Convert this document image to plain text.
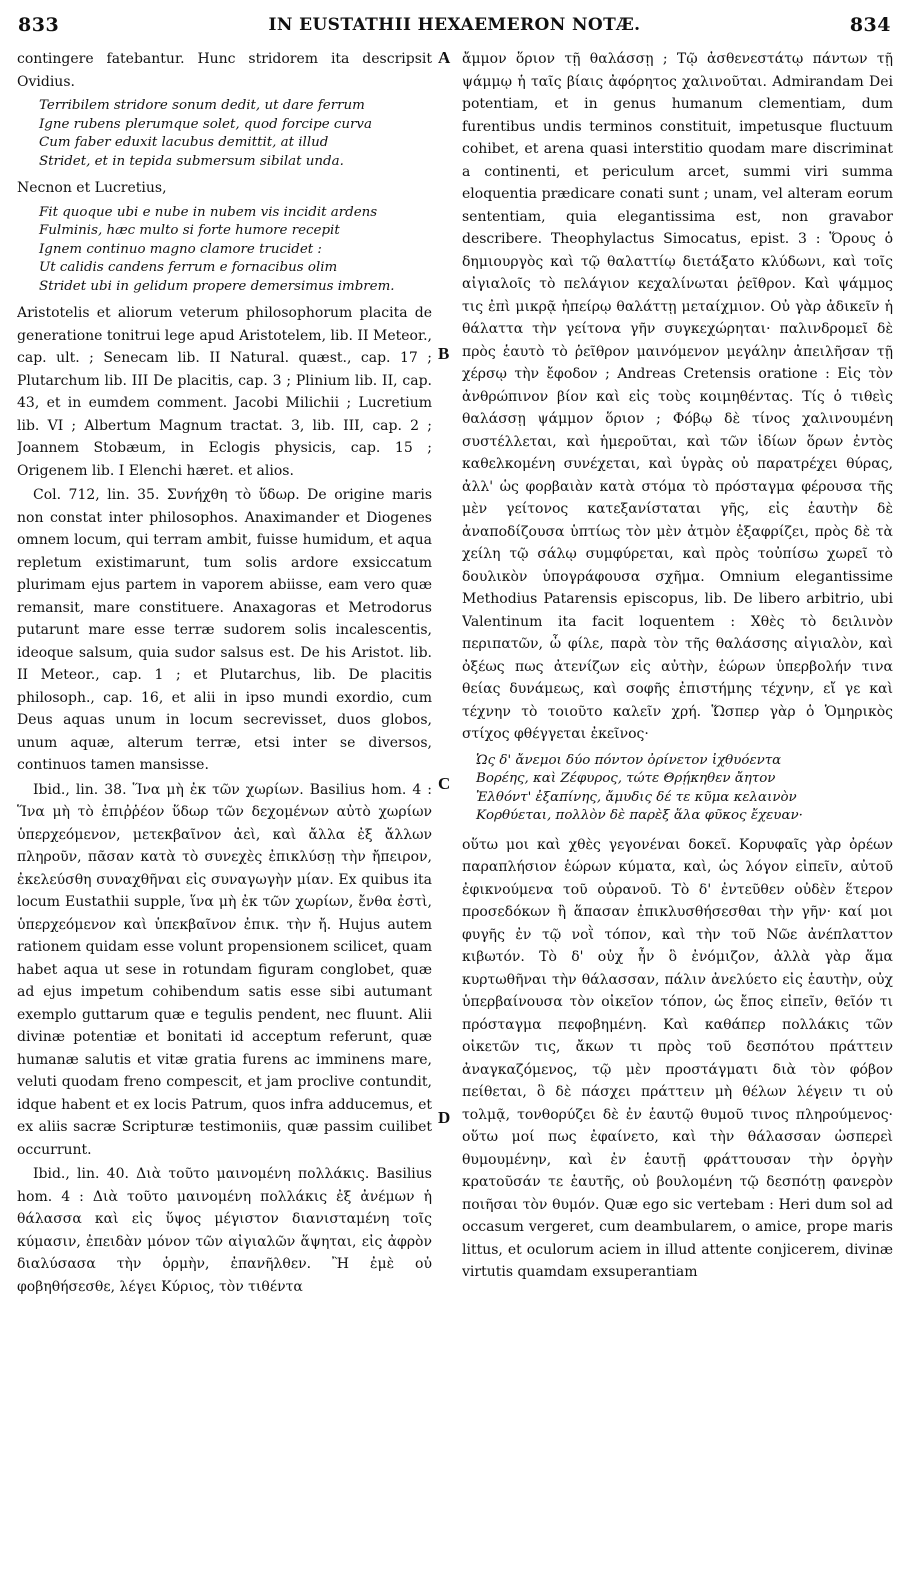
833	IN EUSTATHII HEXAEMERON NOTÆ.	834

contingere fatebantur. Hunc stridorem ita descripsit Ovidius.

Terribilem stridore sonum dedit, ut dare ferrum
Igne rubens plerumque solet, quod forcipe curva
Cum faber eduxit lacubus demittit, at illud
Stridet, et in tepida submersum sibilat unda.

Necnon et Lucretius,

Fit quoque ubi e nube in nubem vis incidit ardens
Fulminis, hæc multo si forte humore recepit
Ignem continuo magno clamore trucidet :
Ut calidis candens ferrum e fornacibus olim
Stridet ubi in gelidum propere demersimus imbrem.

Aristotelis et aliorum veterum philosophorum placita de generatione tonitrui lege apud Aristotelem, lib. II Meteor., cap. ult. ; Senecam lib. II Natural. quæst., cap. 17 ; Plutarchum lib. III De placitis, cap. 3 ; Plinium lib. II, cap. 43, et in eumdem comment. Jacobi Milichii ; Lucretium lib. VI ; Albertum Magnum tractat. 3, lib. III, cap. 2 ; Joannem Stobæum, in Eclogis physicis, cap. 15 ; Origenem lib. I Elenchi hæret. et alios.

Col. 712, lin. 35. Συνήχθη τὸ ὕδωρ. De origine maris non constat inter philosophos. Anaximander et Diogenes omnem locum, qui terram ambit, fuisse humidum, et aqua repletum existimarunt, tum solis ardore exsiccatum plurimam ejus partem in vaporem abiisse, eam vero quæ remansit, mare constituere. Anaxagoras et Metrodorus putarunt mare esse terræ sudorem solis incalescentis, ideoque salsum, quia sudor salsus est. De his Aristot. lib. II Meteor., cap. 1 ; et Plutarchus, lib. De placitis philosoph., cap. 16, et alii in ipso mundi exordio, cum Deus aquas unum in locum secrevisset, duos globos, unum aquæ, alterum terræ, etsi inter se diversos, continuos tamen mansisse.

Ibid., lin. 38. Ἵνα μὴ ἐκ τῶν χωρίων. Basilius hom. 4 : Ἵνα μὴ τὸ ἐπιῤῥέον ὕδωρ τῶν δεχομένων αὐτὸ χωρίων ὑπερχεόμενον, μετεκβαῖνον ἀεὶ, καὶ ἄλλα ἐξ ἄλλων πληροῦν, πᾶσαν κατὰ τὸ συνεχὲς ἐπικλύσῃ τὴν ἤπειρον, ἐκελεύσθη συναχθῆναι εἰς συναγωγὴν μίαν. Ex quibus ita locum Eustathii supple, ἵνα μὴ ἐκ τῶν χωρίων, ἔνθα ἐστὶ, ὑπερχεόμενον καὶ ὑπεκβαῖνον ἐπικ. τὴν ἤ. Hujus autem rationem quidam esse volunt propensionem scilicet, quam habet aqua ut sese in rotundam figuram conglobet, quæ ad ejus impetum cohibendum satis esse sibi autumant exemplo guttarum quæ e tegulis pendent, nec fluunt. Alii divinæ potentiæ et bonitati id acceptum referunt, quæ humanæ salutis et vitæ gratia furens ac imminens mare, veluti quodam freno compescit, et jam proclive contundit, idque habent et ex locis Patrum, quos infra adducemus, et ex aliis sacræ Scripturæ testimoniis, quæ passim cuilibet occurrunt.

Ibid., lin. 40. Διὰ τοῦτο μαινομένη πολλάκις. Basilius hom. 4 : Διὰ τοῦτο μαινομένη πολλάκις ἐξ ἀνέμων ἡ θάλασσα καὶ εἰς ὕψος μέγιστον διανισταμένη τοῖς κύμασιν, ἐπειδὰν μόνον τῶν αἰγιαλῶν ἅψηται, εἰς ἀφρὸν διαλύσασα τὴν ὁρμὴν, ἐπανῆλθεν. Ἢ ἐμὲ οὐ φοβηθήσεσθε, λέγει Κύριος, τὸν τιθέντα

A
B
C
D

ἄμμον ὅριον τῇ θαλάσσῃ ; Τῷ ἀσθενεστάτῳ πάντων τῇ ψάμμῳ ἡ ταῖς βίαις ἀφόρητος χαλινοῦται. Admirandam Dei potentiam, et in genus humanum clementiam, dum furentibus undis terminos constituit, impetusque fluctuum cohibet, et arena quasi interstitio quodam mare discriminat a continenti, et periculum arcet, summi viri summa eloquentia prædicare conati sunt ; unam, vel alteram eorum sententiam, quia elegantissima est, non gravabor describere. Theophylactus Simocatus, epist. 3 : Ὅρους ὁ δημιουργὸς καὶ τῷ θαλαττίῳ διετάξατο κλύδωνι, καὶ τοῖς αἰγιαλοῖς τὸ πελάγιον κεχαλίνωται ῥεῖθρον. Καὶ ψάμμος τις ἐπὶ μικρᾷ ἠπείρῳ θαλάττῃ μεταίχμιον. Οὐ γὰρ ἀδικεῖν ἡ θάλαττα τὴν γείτονα γῆν συγκεχώρηται· παλινδρομεῖ δὲ πρὸς ἑαυτὸ τὸ ῥεῖθρον μαινόμενον μεγάλην ἀπειλῆσαν τῇ χέρσῳ τὴν ἔφοδον ; Andreas Cretensis oratione : Εἰς τὸν ἀνθρώπινον βίον καὶ εἰς τοὺς κοιμηθέντας. Τίς ὁ τιθεὶς θαλάσσῃ ψάμμον ὅριον ; Φόβῳ δὲ τίνος χαλινουμένη συστέλλεται, καὶ ἡμεροῦται, καὶ τῶν ἰδίων ὅρων ἐντὸς καθελκομένη συνέχεται, καὶ ὑγρὰς οὐ παρατρέχει θύρας, ἀλλ' ὡς φορβαιὰν κατὰ στόμα τὸ πρόσταγμα φέρουσα τῆς μὲν γείτονος κατεξανίσταται γῆς, εἰς ἑαυτὴν δὲ ἀναποδίζουσα ὑπτίως τὸν μὲν ἀτμὸν ἐξαφρίζει, πρὸς δὲ τὰ χείλη τῷ σάλῳ συμφύρεται, καὶ πρὸς τοὐπίσω χωρεῖ τὸ δουλικὸν ὑπογράφουσα σχῆμα. Omnium elegantissime Methodius Patarensis episcopus, lib. De libero arbitrio, ubi Valentinum ita facit loquentem : Χθὲς τὸ δειλινὸν περιπατῶν, ὦ φίλε, παρὰ τὸν τῆς θαλάσσης αἰγιαλὸν, καὶ ὀξέως πως ἀτενίζων εἰς αὐτὴν, ἑώρων ὑπερβολήν τινα θείας δυνάμεως, καὶ σοφῆς ἐπιστήμης τέχνην, εἴ γε καὶ τέχνην τὸ τοιοῦτο καλεῖν χρή. Ὥσπερ γὰρ ὁ Ὁμηρικὸς στίχος φθέγγεται ἐκεῖνος·

Ὡς δ' ἄνεμοι δύο πόντον ὀρίνετον ἰχθυόεντα
Βορέης, καὶ Ζέφυρος, τώτε Θρῄκηθεν ἄητον
Ἐλθόντ' ἐξαπίνης, ἄμυδις δέ τε κῦμα κελαινὸν
Κορθύεται, πολλὸν δὲ παρὲξ ἅλα φῦκος ἔχευαν·

οὕτω μοι καὶ χθὲς γεγονέναι δοκεῖ. Κορυφαῖς γὰρ ὀρέων παραπλήσιον ἑώρων κύματα, καὶ, ὡς λόγον εἰπεῖν, αὐτοῦ ἐφικνούμενα τοῦ οὐρανοῦ. Τὸ δ' ἐντεῦθεν οὐδὲν ἕτερον προσεδόκων ἢ ἅπασαν ἐπικλυσθήσεσθαι τὴν γῆν· καί μοι φυγῆς ἐν τῷ νοῒ τόπον, καὶ τὴν τοῦ Νῶε ἀνέπλαττον κιβωτόν. Τὸ δ' οὐχ ἦν ὃ ἐνόμιζον, ἀλλὰ γὰρ ἅμα κυρτωθῆναι τὴν θάλασσαν, πάλιν ἀνελύετο εἰς ἑαυτὴν, οὐχ ὑπερβαίνουσα τὸν οἰκεῖον τόπον, ὡς ἔπος εἰπεῖν, θεῖόν τι πρόσταγμα πεφοβημένη. Καὶ καθάπερ πολλάκις τῶν οἰκετῶν τις, ἄκων τι πρὸς τοῦ δεσπότου πράττειν ἀναγκαζόμενος, τῷ μὲν προστάγματι διὰ τὸν φόβον πείθεται, ὃ δὲ πάσχει πράττειν μὴ θέλων λέγειν τι οὐ τολμᾷ, τονθορύζει δὲ ἐν ἑαυτῷ θυμοῦ τινος πληρούμενος· οὕτω μοί πως ἐφαίνετο, καὶ τὴν θάλασσαν ὡσπερεὶ θυμουμένην, καὶ ἐν ἑαυτῇ φράττουσαν τὴν ὀργὴν κρατοῦσάν τε ἑαυτῆς, οὐ βουλομένη τῷ δεσπότῃ φανερὸν ποιῆσαι τὸν θυμόν. Quæ ego sic vertebam : Heri dum sol ad occasum vergeret, cum deambularem, o amice, prope maris littus, et oculorum aciem in illud attente conjicerem, divinæ virtutis quamdam exsuperantiam
